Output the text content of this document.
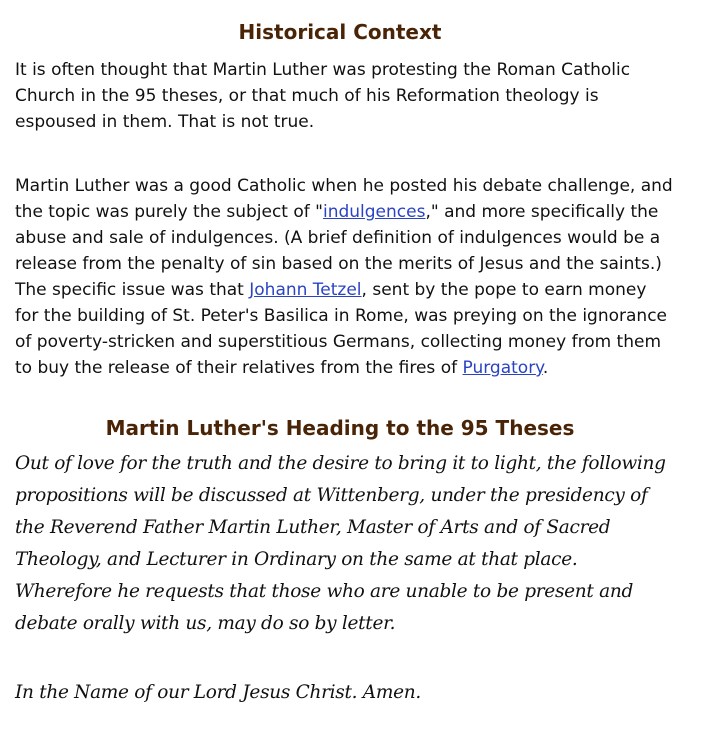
Historical Context

It is often thought that Martin Luther was protesting the Roman Catholic Church in the 95 theses, or that much of his Reformation theology is espoused in them. That is not true.

Martin Luther was a good Catholic when he posted his debate challenge, and the topic was purely the subject of "indulgences," and more specifically the abuse and sale of indulgences. (A brief definition of indulgences would be a release from the penalty of sin based on the merits of Jesus and the saints.) The specific issue was that Johann Tetzel, sent by the pope to earn money for the building of St. Peter's Basilica in Rome, was preying on the ignorance of poverty-stricken and superstitious Germans, collecting money from them to buy the release of their relatives from the fires of Purgatory.

Martin Luther's Heading to the 95 Theses

Out of love for the truth and the desire to bring it to light, the following propositions will be discussed at Wittenberg, under the presidency of the Reverend Father Martin Luther, Master of Arts and of Sacred Theology, and Lecturer in Ordinary on the same at that place. Wherefore he requests that those who are unable to be present and debate orally with us, may do so by letter.

In the Name of our Lord Jesus Christ. Amen.
